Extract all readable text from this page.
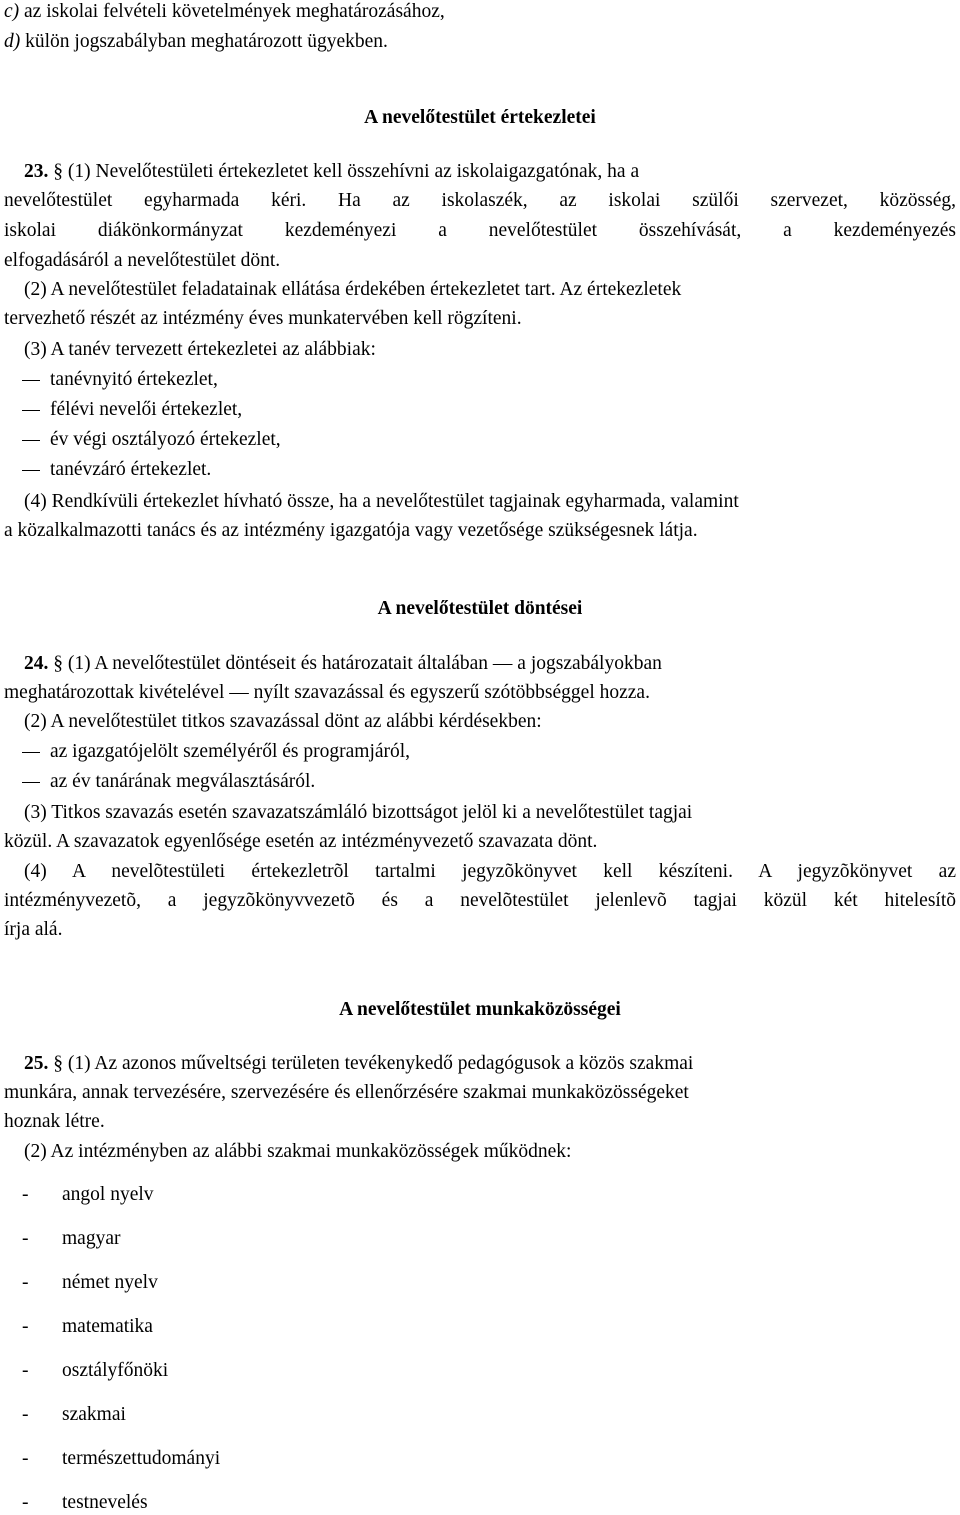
c) az iskolai felvételi követelmények meghatározásához,
d) külön jogszabályban meghatározott ügyekben.
A nevelőtestület értekezletei
23. § (1) Nevelőtestületi értekezletet kell összehívni az iskolaigazgatónak, ha a
nevelőtestület egyharmada kéri. Ha az iskolaszék, az iskolai szülői szervezet, közösség,
iskolai diákönkormányzat kezdeményezi a nevelőtestület összehívását, a kezdeményezés
elfogadásáról a nevelőtestület dönt.
(2) A nevelőtestület feladatainak ellátása érdekében értekezletet tart. Az értekezletek
tervezhető részét az intézmény éves munkatervében kell rögzíteni.
(3) A tanév tervezett értekezletei az alábbiak:
tanévnyitó értekezlet,
félévi nevelői értekezlet,
év végi osztályozó értekezlet,
tanévzáró értekezlet.
(4) Rendkívüli értekezlet hívható össze, ha a nevelőtestület tagjainak egyharmada, valamint
a közalkalmazotti tanács és az intézmény igazgatója vagy vezetősége szükségesnek látja.
A nevelőtestület döntései
24. § (1) A nevelőtestület döntéseit és határozatait általában — a jogszabályokban
meghatározottak kivételével — nyílt szavazással és egyszerű szótöbbséggel hozza.
(2) A nevelőtestület titkos szavazással dönt az alábbi kérdésekben:
az igazgatójelölt személyéről és programjáról,
az év tanárának megválasztásáról.
(3) Titkos szavazás esetén szavazatszámláló bizottságot jelöl ki a nevelőtestület tagjai
közül. A szavazatok egyenlősége esetén az intézményvezető szavazata dönt.
(4) A nevelõtestületi értekezletrõl tartalmi jegyzõkönyvet kell készíteni. A jegyzõkönyvet az
intézményvezetõ, a jegyzõkönyvvezetõ és a nevelõtestület jelenlevõ tagjai közül két hitelesítõ
írja alá.
A nevelőtestület munkaközösségei
25. § (1) Az azonos műveltségi területen tevékenykedő pedagógusok a közös szakmai
munkára, annak tervezésére, szervezésére és ellenőrzésére szakmai munkaközösségeket
hoznak létre.
(2) Az intézményben az alábbi szakmai munkaközösségek működnek:
- angol nyelv
- magyar
- német nyelv
- matematika
- osztályfőnöki
- szakmai
- természettudományi
- testnevelés
